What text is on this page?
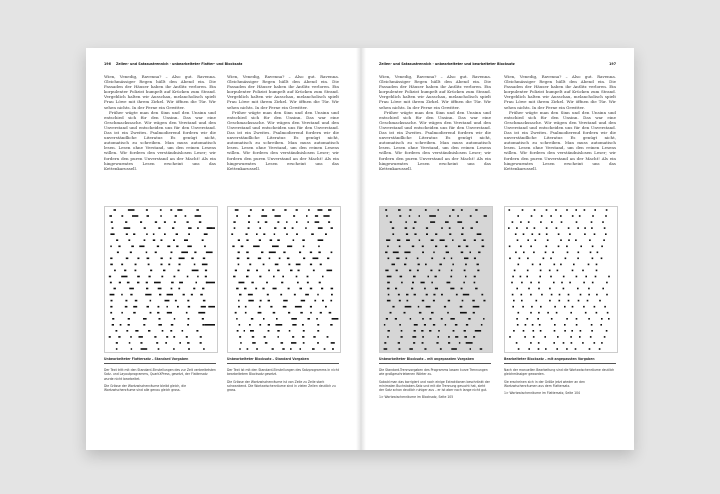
196 Zeilen- und Satzaustrennich · unbearbeiteter Flatter- und Blocksatz

Wien, Venedig, Ravenna? – Also gut. Ravenna. Gleichmässiger Regen hüllt den Abend ein. Die Fassaden der Häuser haben ihr Antlitz verloren. Ein korpulenter Polizist humpelt auf Krücken zum Strand. Vergeblich halten wir Ausschau, melancholisch spielt Frau Löwe mit ihrem Zirkel. Wir öffnen die Tür. Wir sehen nichts. In der Ferne ein Gewitter.

Früher wägte man den Sinn und den Unsinn und entschied sich für den Unsinn. Das war eine Geschmackssache. Wir wägen den Verstand und den Unverstand und entscheiden uns für den Unverstand. Das ist ein Zweites. Psalmodierend fordern wir die unverständliche Literatur. Es genügt nicht, automatisch zu schreiben. Man muss automatisch lesen. Lesen ohne Verstand, um den reinen Lesens willen. Wir fordern den verständnislosen Leser; wir fordern den puren Unverstand an der Macht! Als ein hingewurmtes Lesen erscheint uns das Kettenkarussell.

Wien, Venedig, Ravenna? – Also gut. Ravenna. Gleichmässiger Regen hüllt den Abend ein. Die Fassaden der Häuser haben ihr Antlitz verloren. Ein korpulenter Polizist humpelt auf Krücken zum Strand. Vergeblich halten wir Ausschau, melancholisch spielt Frau Löwe mit ihrem Zirkel. Wir öffnen die Tür. Wir sehen nichts. In der Ferne ein Gewitter.

Früher wägte man den Sinn und den Unsinn und entschied sich für den Unsinn. Das war eine Geschmackssache. Wir wägen den Verstand und den Unverstand und entscheiden uns für den Unverstand. Das ist ein Zweites. Psalmodierend fordern wir die unverständliche Literatur. Es genügt nicht, automatisch zu schreiben. Man muss automatisch lesen. Lesen ohne Verstand, um den reinen Lesens willen. Wir fordern den verständnislosen Leser; wir fordern den puren Unverstand an der Macht! Als ein hingewurmtes Lesen erscheint uns das Kettenkarussell.

Unbearbeiteter Flattersatz – Standard Vorgaben

Der Text tritt mit den Standard-Einstellungen des zur Zeit verbreitetsten Satz- und Layoutprogramms, QuarkXPress, gesetzt, der Flattersatz wurde nicht bearbeitet.

Die Grösse der Wortzwischenräume bleibt gleich, die Wortzwischenräume sind alle genau gleich gross.

Unbearbeiteter Blocksatz – Standard Vorgaben

Der Text ist mit den Standard-Einstellungen des Satzprogramms in nicht bearbeitetem Blocksatz gesetzt.

Die Grösse der Wortzwischenräume ist von Zeile zu Zeile stark schwankend. Die Wortzwischenräume sind in vielen Zeilen deutlich zu gross.

Zeilen- und Satzaustrennich · unbearbeiteter und bearbeiteter Blocksatz	197

Wien, Venedig, Ravenna? – Also gut. Ravenna. Gleichmässiger Regen hüllt den Abend ein. Die Fassaden der Häuser haben ihr Antlitz verloren. Ein korpulenter Polizist humpelt auf Krücken zum Strand. Vergeblich halten wir Ausschau, melancholisch spielt Frau Löwe mit ihrem Zirkel. Wir öffnen die Tür. Wir sehen nichts. In der Ferne ein Gewitter.

Früher wägte man den Sinn und den Unsinn und entschied sich für den Unsinn. Das war eine Geschmackssache. Wir wägen den Verstand und den Unverstand und entscheiden uns für den Unverstand. Das ist ein Zweites. Psalmodierend fordern wir die unverständliche Literatur. Es genügt nicht, automatisch zu schreiben. Man muss automatisch lesen. Lesen ohne Verstand, um den reinen Lesens willen. Wir fordern den verständnislosen Leser; wir fordern den puren Unverstand an der Macht! Als ein hingewurmtes Lesen erscheint uns das Kettenkarussell.

Wien, Venedig, Ravenna? – Also gut. Ravenna. Gleichmässiger Regen hüllt den Abend ein. Die Fassaden der Häuser haben ihr Antlitz verloren. Ein korpulenter Polizist humpelt auf Krücken zum Strand. Vergeblich halten wir Ausschau, melancholisch spielt Frau Löwe mit ihrem Zirkel. Wir öffnen die Tür. Wir sehen nichts. In der Ferne ein Gewitter.

Früher wägte man den Sinn und den Unsinn und entschied sich für den Unsinn. Das war eine Geschmackssache. Wir wägen den Verstand und den Unverstand und entscheiden uns für den Unverstand. Das ist ein Zweites. Psalmodierend fordern wir die unverständliche Literatur. Es genügt nicht, automatisch zu schreiben. Man muss automatisch lesen. Lesen ohne Verstand, um den reinen Lesens willen. Wir fordern den verständnislosen Leser; wir fordern den puren Unverstand an der Macht! Als ein hingewurmtes Lesen erscheint uns das Kettenkarussell.

Unbearbeiteter Blocksatz – mit angepassten Vorgaben

Die Standard-Trennvorgaben des Programms lassen kurze Trennungen wie großgeschriebenen Wörter zu.

Sobald man das korrigiert und noch einige Extraktionen beschränkt der minimalen Buchstaben-Satz und mit die Trennung gesucht hat, sieht der Satz schon deutlich ruhiger aus – er ist aber noch lange nicht gut.

1> Wortzwischenräume im Blocksatz, Seite 105

Bearbeiteter Blocksatz – mit angepassten Vorgaben

Nach der manuellen Bearbeitung sind die Wortzwischenräume deutlich gleichmässiger geworden.

Sie erscheinen sich in der Größe jetzt wieder an den Wortzwischenräumen aus dem Flattersatz.

1> Wortzwischenräume im Flattersatz, Seite 104
